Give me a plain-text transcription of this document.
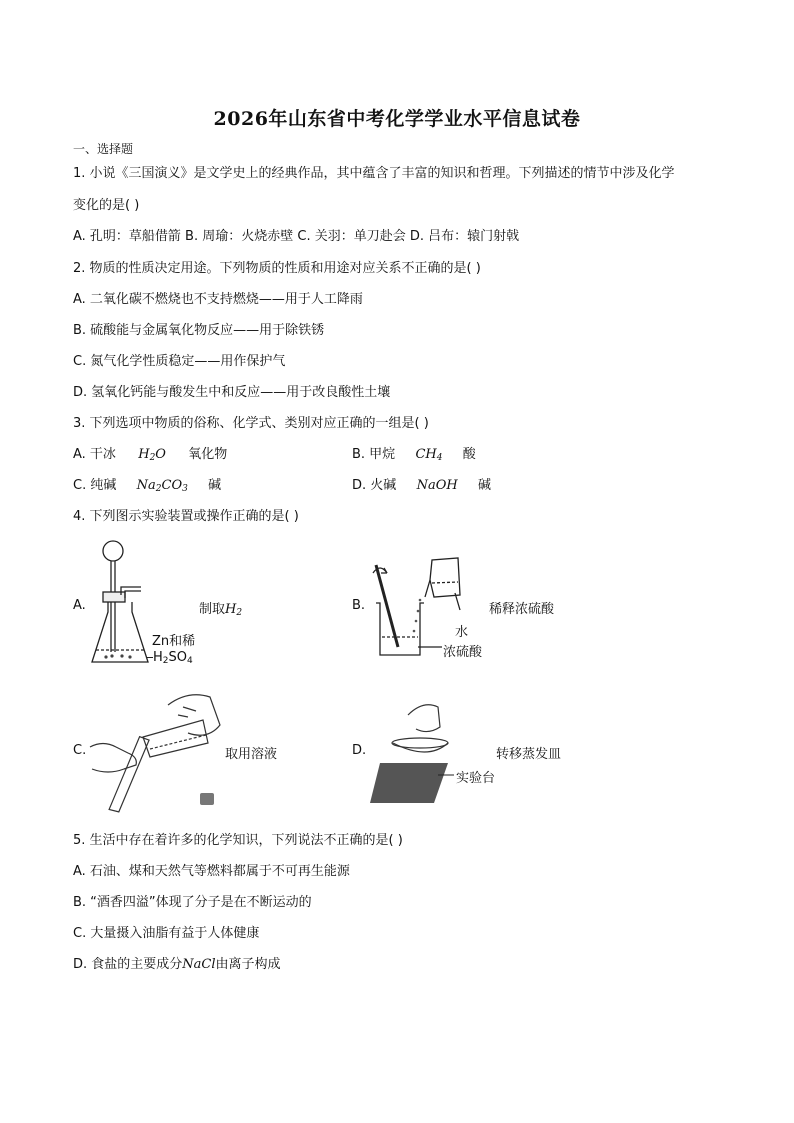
2026年山东省中考化学学业水平信息试卷
一、选择题
1. 小说《三国演义》是文学史上的经典作品，其中蕴含了丰富的知识和哲理。下列描述的情节中涉及化学
变化的是( )
A. 孔明：草船借箭 B. 周瑜：火烧赤壁 C. 关羽：单刀赴会 D. 吕布：辕门射戟
2. 物质的性质决定用途。下列物质的性质和用途对应关系不正确的是( )
A. 二氧化碳不燃烧也不支持燃烧——用于人工降雨
B. 硫酸能与金属氧化物反应——用于除铁锈
C. 氮气化学性质稳定——用作保护气
D. 氢氧化钙能与酸发生中和反应——用于改良酸性土壤
3. 下列选项中物质的俗称、化学式、类别对应正确的一组是( )
A. 干冰 $H_2O$ 氧化物	B. 甲烷 $CH_4$ 酸
C. 纯碱 $Na_2CO_3$ 碱	D. 火碱 NaOH 碱
4. 下列图示实验装置或操作正确的是( )
A.	制取$H_2$
Zn和稀
$H_2SO_4$
B.	稀释浓硫酸
水
浓硫酸
C.	取用溶液	D.	转移蒸发皿
实验台
5. 生活中存在着许多的化学知识，下列说法不正确的是( )
A. 石油、煤和天然气等燃料都属于不可再生能源
B. “酒香四溢”体现了分子是在不断运动的
C. 大量摄入油脂有益于人体健康
D. 食盐的主要成分NaCl由离子构成
